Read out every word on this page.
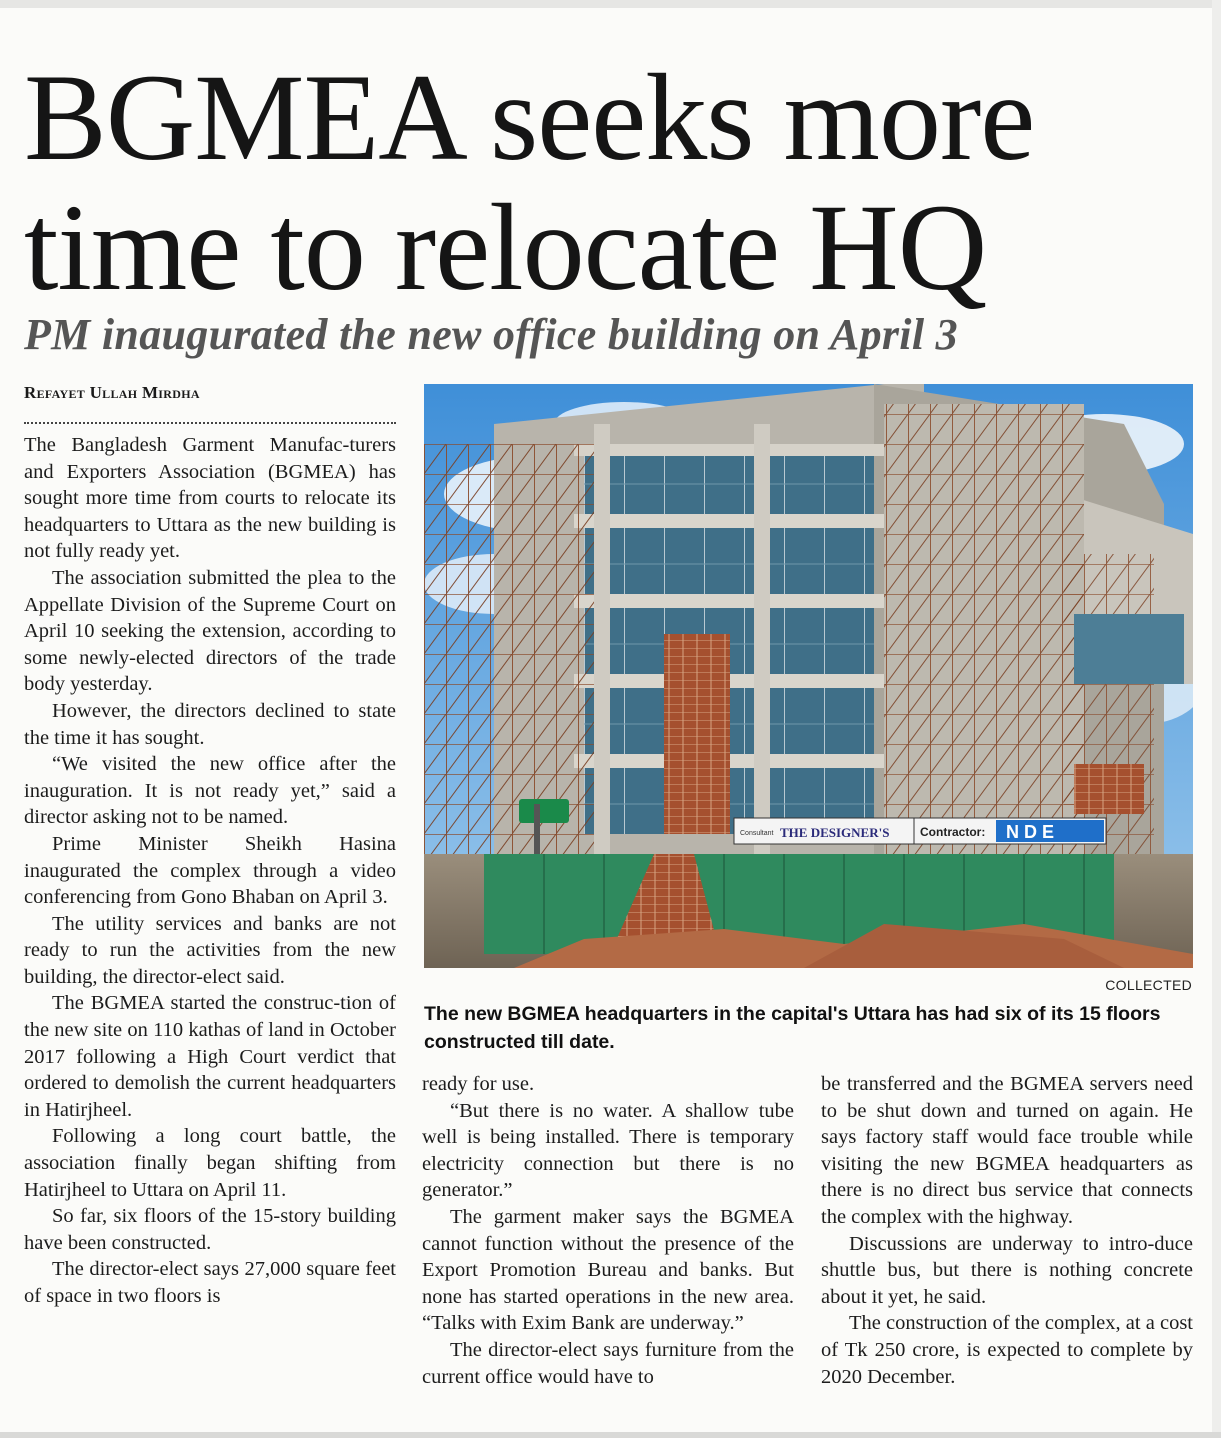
BGMEA seeks more
time to relocate HQ
PM inaugurated the new office building on April 3
Refayet Ullah Mirdha

The Bangladesh Garment Manufac-turers and Exporters Association (BGMEA) has sought more time from courts to relocate its headquarters to Uttara as the new building is not fully ready yet.

The association submitted the plea to the Appellate Division of the Supreme Court on April 10 seeking the extension, according to some newly-elected directors of the trade body yesterday.

However, the directors declined to state the time it has sought.

“We visited the new office after the inauguration. It is not ready yet,” said a director asking not to be named.

Prime Minister Sheikh Hasina inaugurated the complex through a video conferencing from Gono Bhaban on April 3.

The utility services and banks are not ready to run the activities from the new building, the director-elect said.

The BGMEA started the construc-tion of the new site on 110 kathas of land in October 2017 following a High Court verdict that ordered to demolish the current headquarters in Hatirjheel.

Following a long court battle, the association finally began shifting from Hatirjheel to Uttara on April 11.

So far, six floors of the 15-story building have been constructed.

The director-elect says 27,000 square feet of space in two floors is

Consultant THE DESIGNER'S	Contractor: N D E
COLLECTED

The new BGMEA headquarters in the capital's Uttara has had six of its 15 floors constructed till date.

ready for use.

“But there is no water. A shallow tube well is being installed. There is temporary electricity connection but there is no generator.”

The garment maker says the BGMEA cannot function without the presence of the Export Promotion Bureau and banks. But none has started operations in the new area. “Talks with Exim Bank are underway.”

The director-elect says furniture from the current office would have to

be transferred and the BGMEA servers need to be shut down and turned on again. He says factory staff would face trouble while visiting the new BGMEA headquarters as there is no direct bus service that connects the complex with the highway.

Discussions are underway to intro-duce shuttle bus, but there is nothing concrete about it yet, he said.

The construction of the complex, at a cost of Tk 250 crore, is expected to complete by 2020 December.
